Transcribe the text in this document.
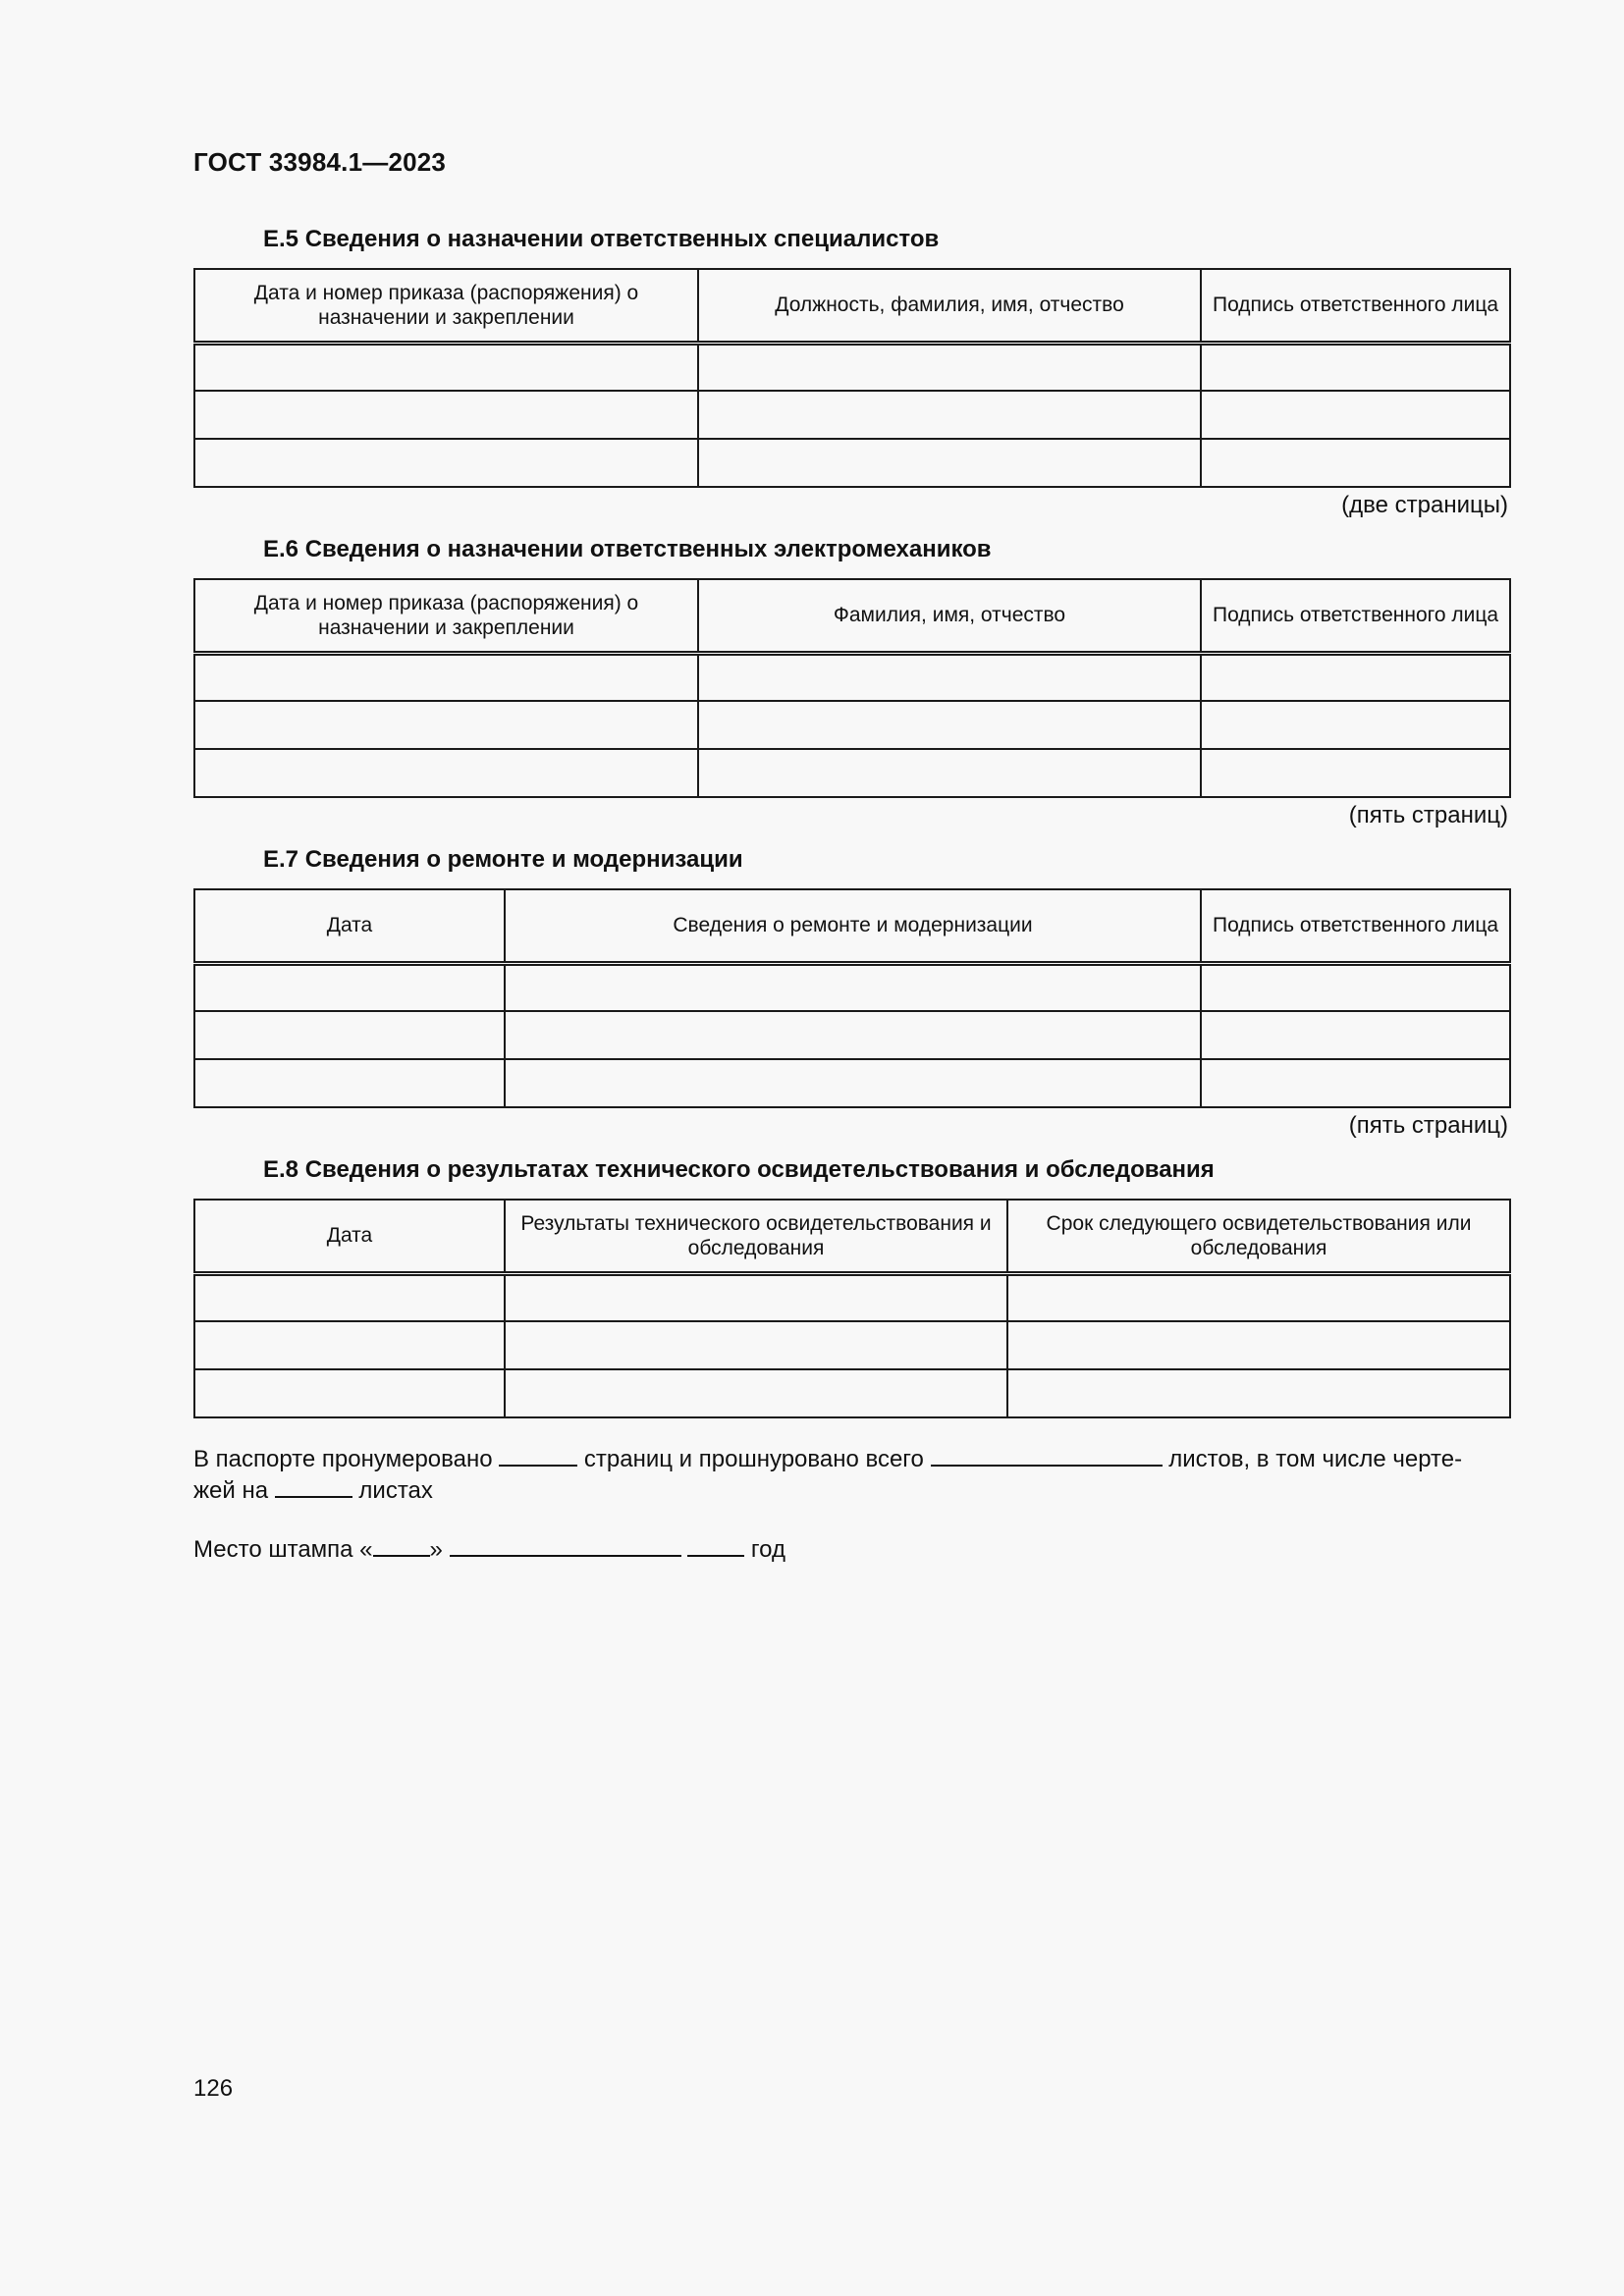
ГОСТ 33984.1—2023
Е.5 Сведения о назначении ответственных специалистов
Дата и номер приказа (распоряжения) о назначении и закреплении	Должность, фамилия, имя, отчество	Подпись ответственного лица

(две страницы)
Е.6 Сведения о назначении ответственных электромехаников
Дата и номер приказа (распоряжения) о назначении и закреплении	Фамилия, имя, отчество	Подпись ответственного лица

(пять страниц)
Е.7 Сведения о ремонте и модернизации
Дата	Сведения о ремонте и модернизации	Подпись ответственного лица

(пять страниц)
Е.8 Сведения о результатах технического освидетельствования и обследования
Дата	Результаты технического освидетельствования и обследования	Срок следующего освидетельствования или обследования

В паспорте пронумеровано	страниц и прошнуровано всего	листов, в том числе черте-
жей на	листах
Место штампа « »	год
126
